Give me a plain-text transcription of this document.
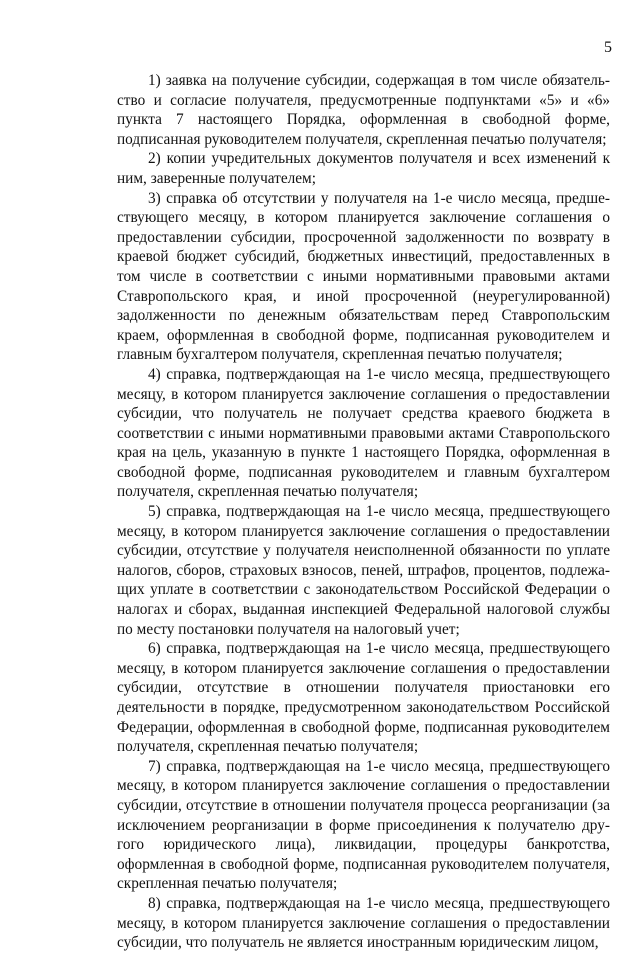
5

1) заявка на получение субсидии, содержащая в том числе обязательство и согласие получателя, предусмотренные подпунктами «5» и «6» пункта 7 настоящего Порядка, оформленная в свободной форме, подписанная руководителем получателя, скрепленная печатью получателя;

2) копии учредительных документов получателя и всех изменений к ним, заверенные получателем;

3) справка об отсутствии у получателя на 1-е число месяца, предшествующего месяцу, в котором планируется заключение соглашения о предоставлении субсидии, просроченной задолженности по возврату в краевой бюджет субсидий, бюджетных инвестиций, предоставленных в том числе в соответствии с иными нормативными правовыми актами Ставропольского края, и иной просроченной (неурегулированной) задолженности по денежным обязательствам перед Ставропольским краем, оформленная в свободной форме, подписанная руководителем и главным бухгалтером получателя, скрепленная печатью получателя;

4) справка, подтверждающая на 1-е число месяца, предшествующего месяцу, в котором планируется заключение соглашения о предоставлении субсидии, что получатель не получает средства краевого бюджета в соответствии с иными нормативными правовыми актами Ставропольского края на цель, указанную в пункте 1 настоящего Порядка, оформленная в свободной форме, подписанная руководителем и главным бухгалтером получателя, скрепленная печатью получателя;

5) справка, подтверждающая на 1-е число месяца, предшествующего месяцу, в котором планируется заключение соглашения о предоставлении субсидии, отсутствие у получателя неисполненной обязанности по уплате налогов, сборов, страховых взносов, пеней, штрафов, процентов, подлежащих уплате в соответствии с законодательством Российской Федерации о налогах и сборах, выданная инспекцией Федеральной налоговой службы по месту постановки получателя на налоговый учет;

6) справка, подтверждающая на 1-е число месяца, предшествующего месяцу, в котором планируется заключение соглашения о предоставлении субсидии, отсутствие в отношении получателя приостановки его деятельности в порядке, предусмотренном законодательством Российской Федерации, оформленная в свободной форме, подписанная руководителем получателя, скрепленная печатью получателя;

7) справка, подтверждающая на 1-е число месяца, предшествующего месяцу, в котором планируется заключение соглашения о предоставлении субсидии, отсутствие в отношении получателя процесса реорганизации (за исключением реорганизации в форме присоединения к получателю другого юридического лица), ликвидации, процедуры банкротства, оформленная в свободной форме, подписанная руководителем получателя, скрепленная печатью получателя;

8) справка, подтверждающая на 1-е число месяца, предшествующего месяцу, в котором планируется заключение соглашения о предоставлении субсидии, что получатель не является иностранным юридическим лицом,
